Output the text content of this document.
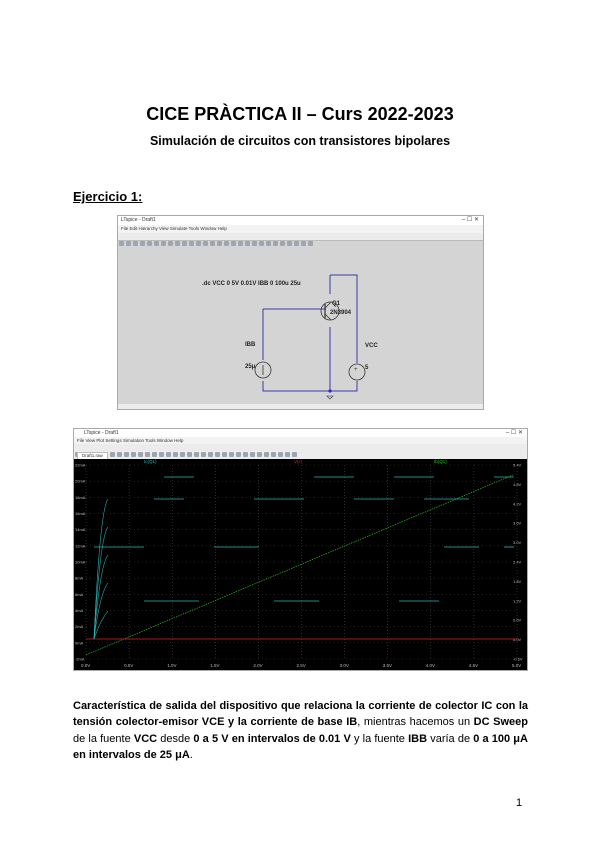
CICE PRÀCTICA II – Curs 2022-2023
Simulación de circuitos con transistores bipolares
Ejercicio 1:
LTspice - Draft1	– ☐ ✕
File Edit Hierarchy View Simulate Tools Window Help
+
.dc VCC 0 5V 0.01V IBB 0 100u 25u
Q1
2N3904
IBB
25μ
VCC
5
LTspice - Draft1	– ☐ ✕
File View Plot Settings Simulation Tools Window Help
Draft1.raw
0.0V	0.5V	1.0V	1.5V	2.0V	2.5V	3.0V	3.5V	4.0V	4.5V	5.0V
22mA
20mA
18mA
16mA
14mA
12mA
10mA
8mA
6mA
4mA
2mA
0mA
-2mA
5.4V
4.8V
4.2V
3.6V
3.0V
2.4V
1.8V
1.2V
0.6V
0.0V
-0.6V
Ic(Q1)	V(c)	Ib(Q1)

Característica de salida del dispositivo que relaciona la corriente de colector IC con la tensión colector-emisor VCE y la corriente de base IB, mientras hacemos un DC Sweep de la fuente VCC desde 0 a 5 V en intervalos de 0.01 V y la fuente IBB varía de 0 a 100 μA en intervalos de 25 μA.

1
